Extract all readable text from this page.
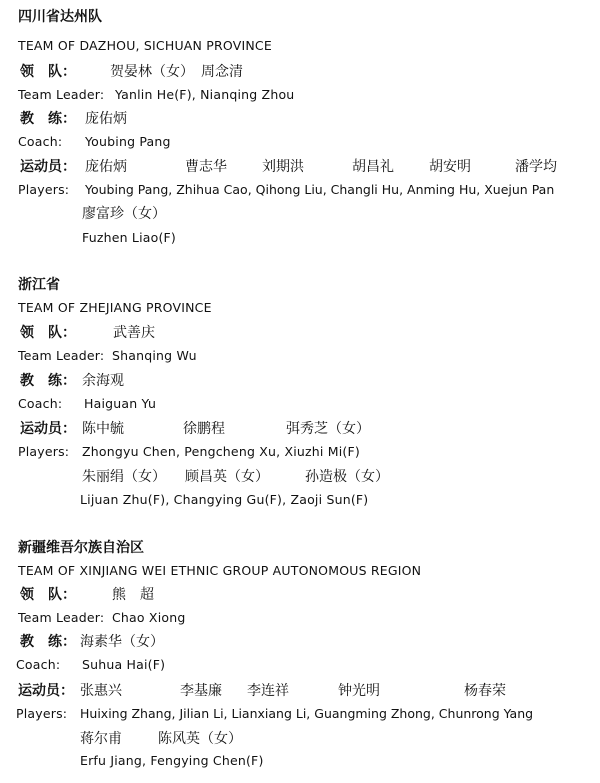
四川省达州队
TEAM OF DAZHOU, SICHUAN PROVINCE
领　队： 贺晏林（女）　周念清
Team Leader: Yanlin He(F), Nianqing Zhou
教　练： 庞佑炳
Coach: Youbing Pang
运动员： 庞佑炳	曹志华	刘期洪	胡昌礼	胡安明	潘学均
Players: Youbing Pang, Zhihua Cao, Qihong Liu, Changli Hu, Anming Hu, Xuejun Pan
廖富珍（女）
Fuzhen Liao(F)
浙江省
TEAM OF ZHEJIANG PROVINCE
领　队：	武善庆
Team Leader: Shanqing Wu
教　练： 余海观
Coach: Haiguan Yu
运动员： 陈中毓	徐鹏程	弭秀芝（女）
Players: Zhongyu Chen, Pengcheng Xu, Xiuzhi Mi(F)
朱丽绢（女） 顾昌英（女）	孙造极（女）
Lijuan Zhu(F), Changying Gu(F), Zaoji Sun(F)
新疆维吾尔族自治区
TEAM OF XINJIANG WEI ETHNIC GROUP AUTONOMOUS REGION
领　队：	熊　超
Team Leader: Chao Xiong
教　练： 海素华（女）
Coach: Suhua Hai(F)
运动员： 张惠兴	李基廉 李连祥	钟光明	杨春荣
Players: Huixing Zhang, Jilian Li, Lianxiang Li, Guangming Zhong, Chunrong Yang
蒋尔甫	陈风英（女）
Erfu Jiang, Fengying Chen(F)
